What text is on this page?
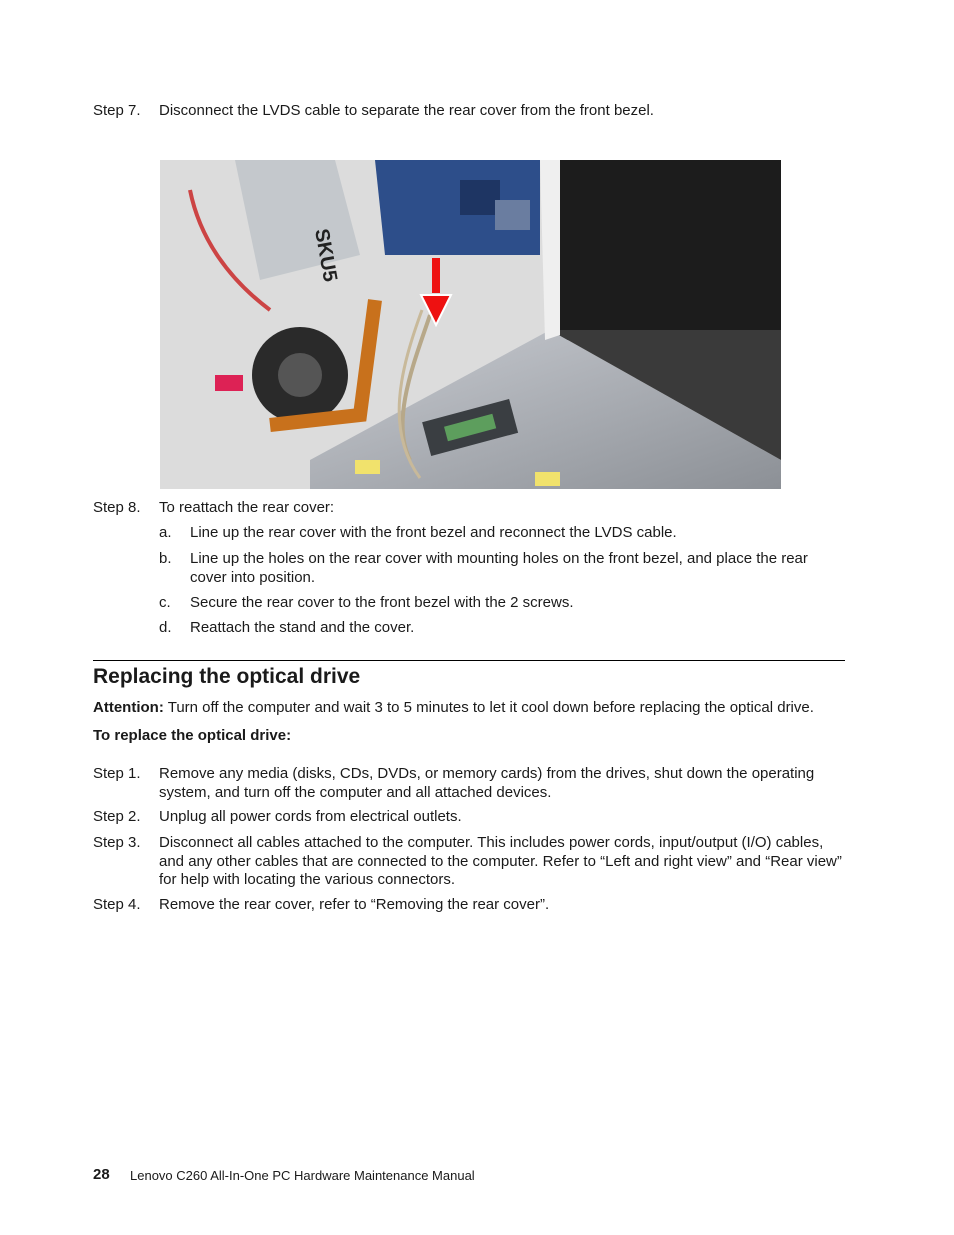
Step 7.	Disconnect the LVDS cable to separate the rear cover from the front bezel.
SKU5
Step 8.	To reattach the rear cover:
a.	Line up the rear cover with the front bezel and reconnect the LVDS cable.
b.	Line up the holes on the rear cover with mounting holes on the front bezel, and place the rear cover into position.
c.	Secure the rear cover to the front bezel with the 2 screws.
d.	Reattach the stand and the cover.
Replacing the optical drive
Attention: Turn off the computer and wait 3 to 5 minutes to let it cool down before replacing the optical drive.
To replace the optical drive:
Step 1.	Remove any media (disks, CDs, DVDs, or memory cards) from the drives, shut down the operating system, and turn off the computer and all attached devices.
Step 2.	Unplug all power cords from electrical outlets.
Step 3.	Disconnect all cables attached to the computer. This includes power cords, input/output (I/O) cables, and any other cables that are connected to the computer. Refer to “Left and right view” and “Rear view” for help with locating the various connectors.
Step 4.	Remove the rear cover, refer to “Removing the rear cover”.
28 Lenovo C260 All-In-One PC Hardware Maintenance Manual
